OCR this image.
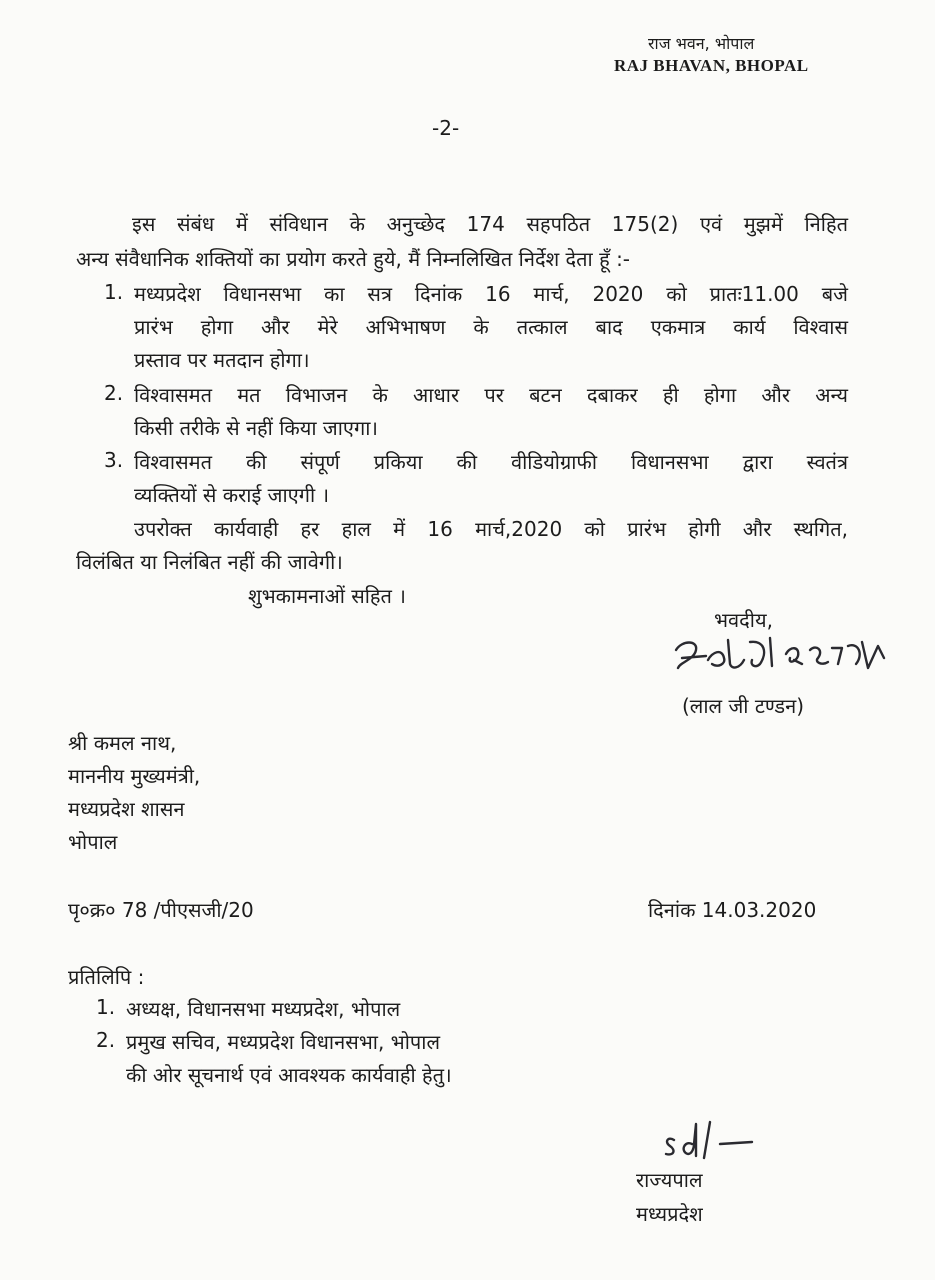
राज भवन, भोपाल
RAJ BHAVAN, BHOPAL
-2-
इस संबंध में संविधान के अनुच्छेद 174 सहपठित 175(2) एवं मुझमें निहित
अन्य संवैधानिक शक्तियों का प्रयोग करते हुये, मैं निम्नलिखित निर्देश देता हूँ :-
1. मध्यप्रदेश विधानसभा का सत्र दिनांक 16 मार्च, 2020 को प्रातः11.00 बजे
प्रारंभ होगा और मेरे अभिभाषण के तत्काल बाद एकमात्र कार्य विश्वास
प्रस्ताव पर मतदान होगा।
2. विश्वासमत मत विभाजन के आधार पर बटन दबाकर ही होगा और अन्य
किसी तरीके से नहीं किया जाएगा।
3. विश्वासमत की संपूर्ण प्रकिया की वीडियोग्राफी विधानसभा द्वारा स्वतंत्र
व्यक्तियों से कराई जाएगी ।
उपरोक्त कार्यवाही हर हाल में 16 मार्च,2020 को प्रारंभ होगी और स्थगित,
विलंबित या निलंबित नहीं की जावेगी।
शुभकामनाओं सहित ।
भवदीय,
(लाल जी टण्डन)
श्री कमल नाथ,
माननीय मुख्यमंत्री,
मध्यप्रदेश शासन
भोपाल
पृ०क्र० 78 /पीएसजी/20	दिनांक 14.03.2020
प्रतिलिपि :
1. अध्यक्ष, विधानसभा मध्यप्रदेश, भोपाल
2. प्रमुख सचिव, मध्यप्रदेश विधानसभा, भोपाल
की ओर सूचनार्थ एवं आवश्यक कार्यवाही हेतु।
राज्यपाल
मध्यप्रदेश
